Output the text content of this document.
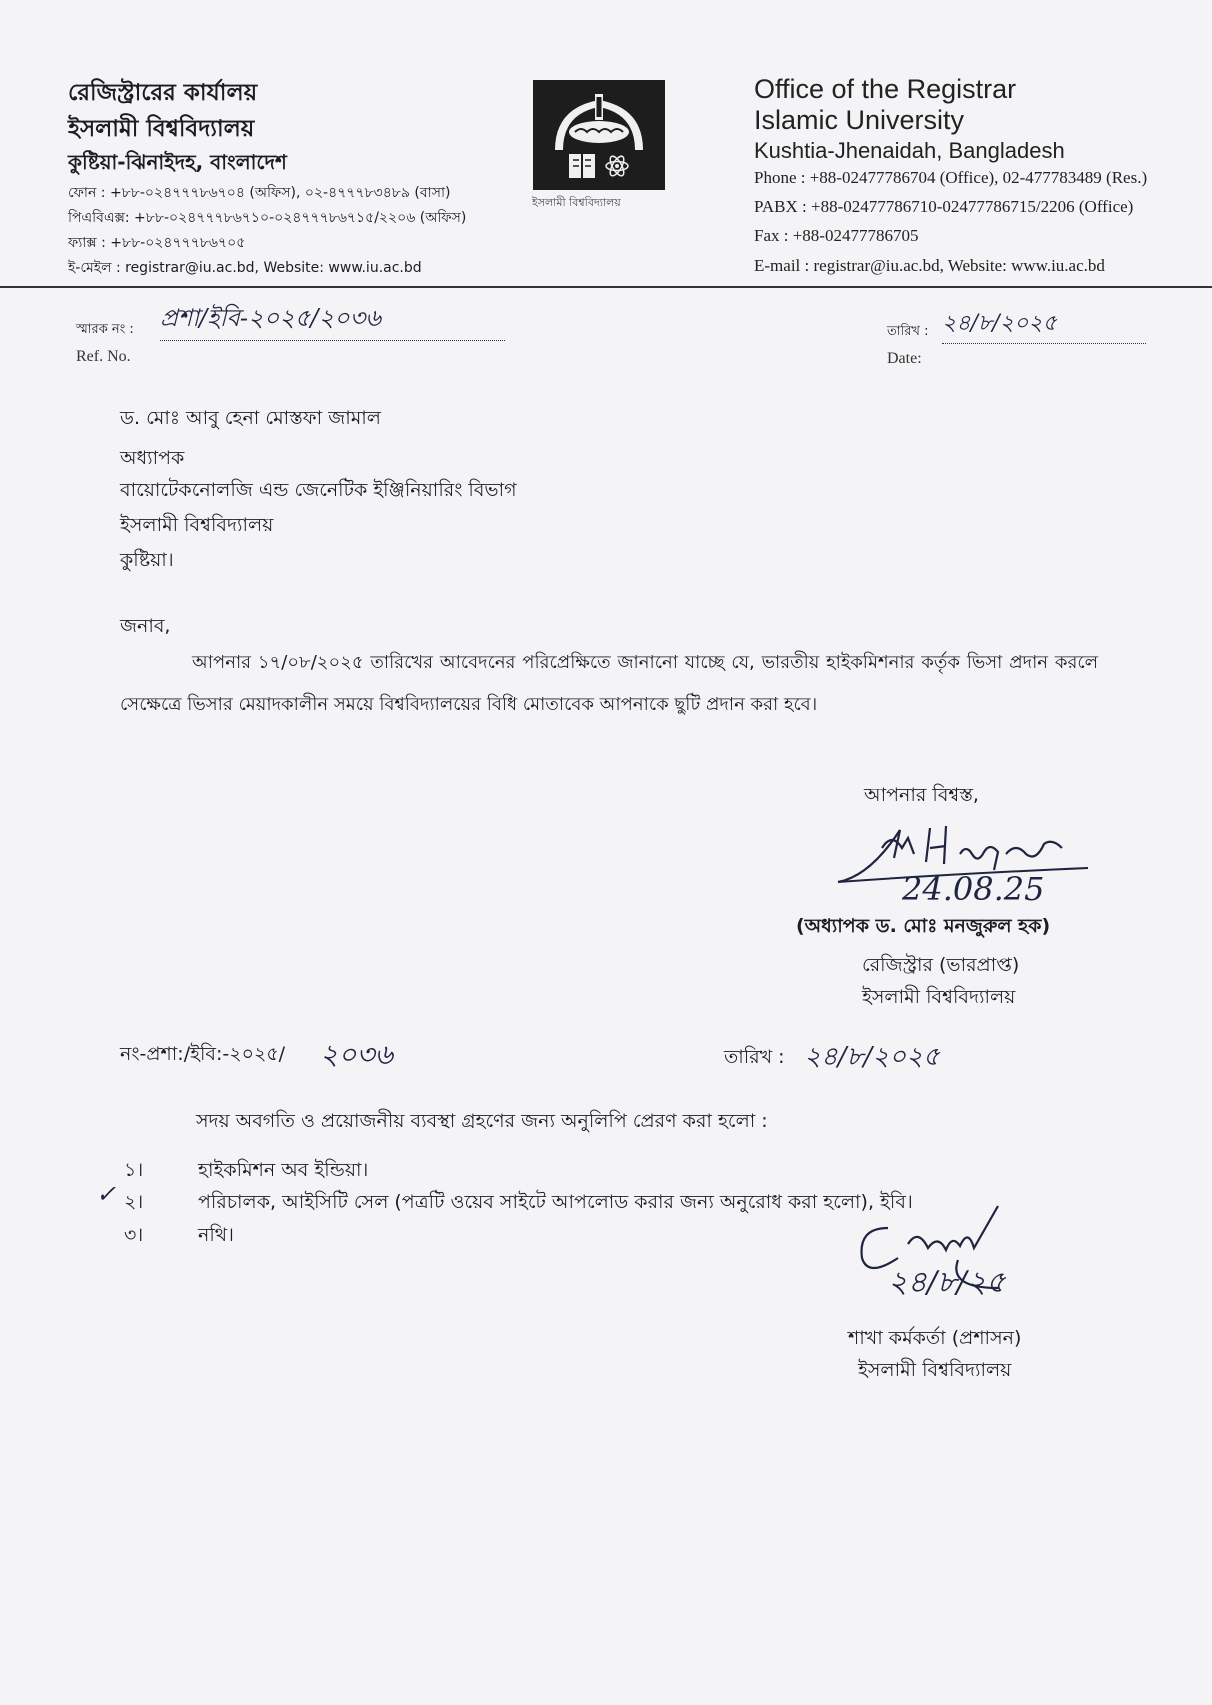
রেজিস্ট্রারের কার্যালয়
ইসলামী বিশ্ববিদ্যালয়
কুষ্টিয়া-ঝিনাইদহ, বাংলাদেশ
ফোন : +৮৮-০২৪৭৭৭৮৬৭০৪ (অফিস), ০২-৪৭৭৭৮৩৪৮৯ (বাসা)
পিএবিএক্স: +৮৮-০২৪৭৭৭৮৬৭১০-০২৪৭৭৭৮৬৭১৫/২২০৬ (অফিস)
ফ্যাক্স : +৮৮-০২৪৭৭৭৮৬৭০৫
ই-মেইল : registrar@iu.ac.bd, Website: www.iu.ac.bd
ইসলামী বিশ্ববিদ্যালয়
Office of the Registrar
Islamic University
Kushtia-Jhenaidah, Bangladesh
Phone : +88-02477786704 (Office), 02-477783489 (Res.)
PABX : +88-02477786710-02477786715/2206 (Office)
Fax : +88-02477786705
E-mail : registrar@iu.ac.bd, Website: www.iu.ac.bd
স্মারক নং : প্রশা/ইবি-২০২৫/২০৩৬
Ref. No.
তারিখ : ২৪/৮/২০২৫
Date:
ড. মোঃ আবু হেনা মোস্তফা জামাল
অধ্যাপক
বায়োটেকনোলজি এন্ড জেনেটিক ইঞ্জিনিয়ারিং বিভাগ
ইসলামী বিশ্ববিদ্যালয়
কুষ্টিয়া।
জনাব,
আপনার ১৭/০৮/২০২৫ তারিখের আবেদনের পরিপ্রেক্ষিতে জানানো যাচ্ছে যে, ভারতীয় হাইকমিশনার কর্তৃক ভিসা প্রদান করলে সেক্ষেত্রে ভিসার মেয়াদকালীন সময়ে বিশ্ববিদ্যালয়ের বিধি মোতাবেক আপনাকে ছুটি প্রদান করা হবে।
আপনার বিশ্বস্ত,
24.08.25
(অধ্যাপক ড. মোঃ মনজুরুল হক)
রেজিস্ট্রার (ভারপ্রাপ্ত)
ইসলামী বিশ্ববিদ্যালয়
নং-প্রশা:/ইবি:-২০২৫/ ২০৩৬	তারিখ : ২৪/৮/২০২৫
সদয় অবগতি ও প্রয়োজনীয় ব্যবস্থা গ্রহণের জন্য অনুলিপি প্রেরণ করা হলো :
১।	হাইকমিশন অব ইন্ডিয়া।
২।
✓	পরিচালক, আইসিটি সেল (পত্রটি ওয়েব সাইটে আপলোড করার জন্য অনুরোধ করা হলো), ইবি।
৩।	নথি।
২৪/৮/২৫
শাখা কর্মকর্তা (প্রশাসন)
ইসলামী বিশ্ববিদ্যালয়
